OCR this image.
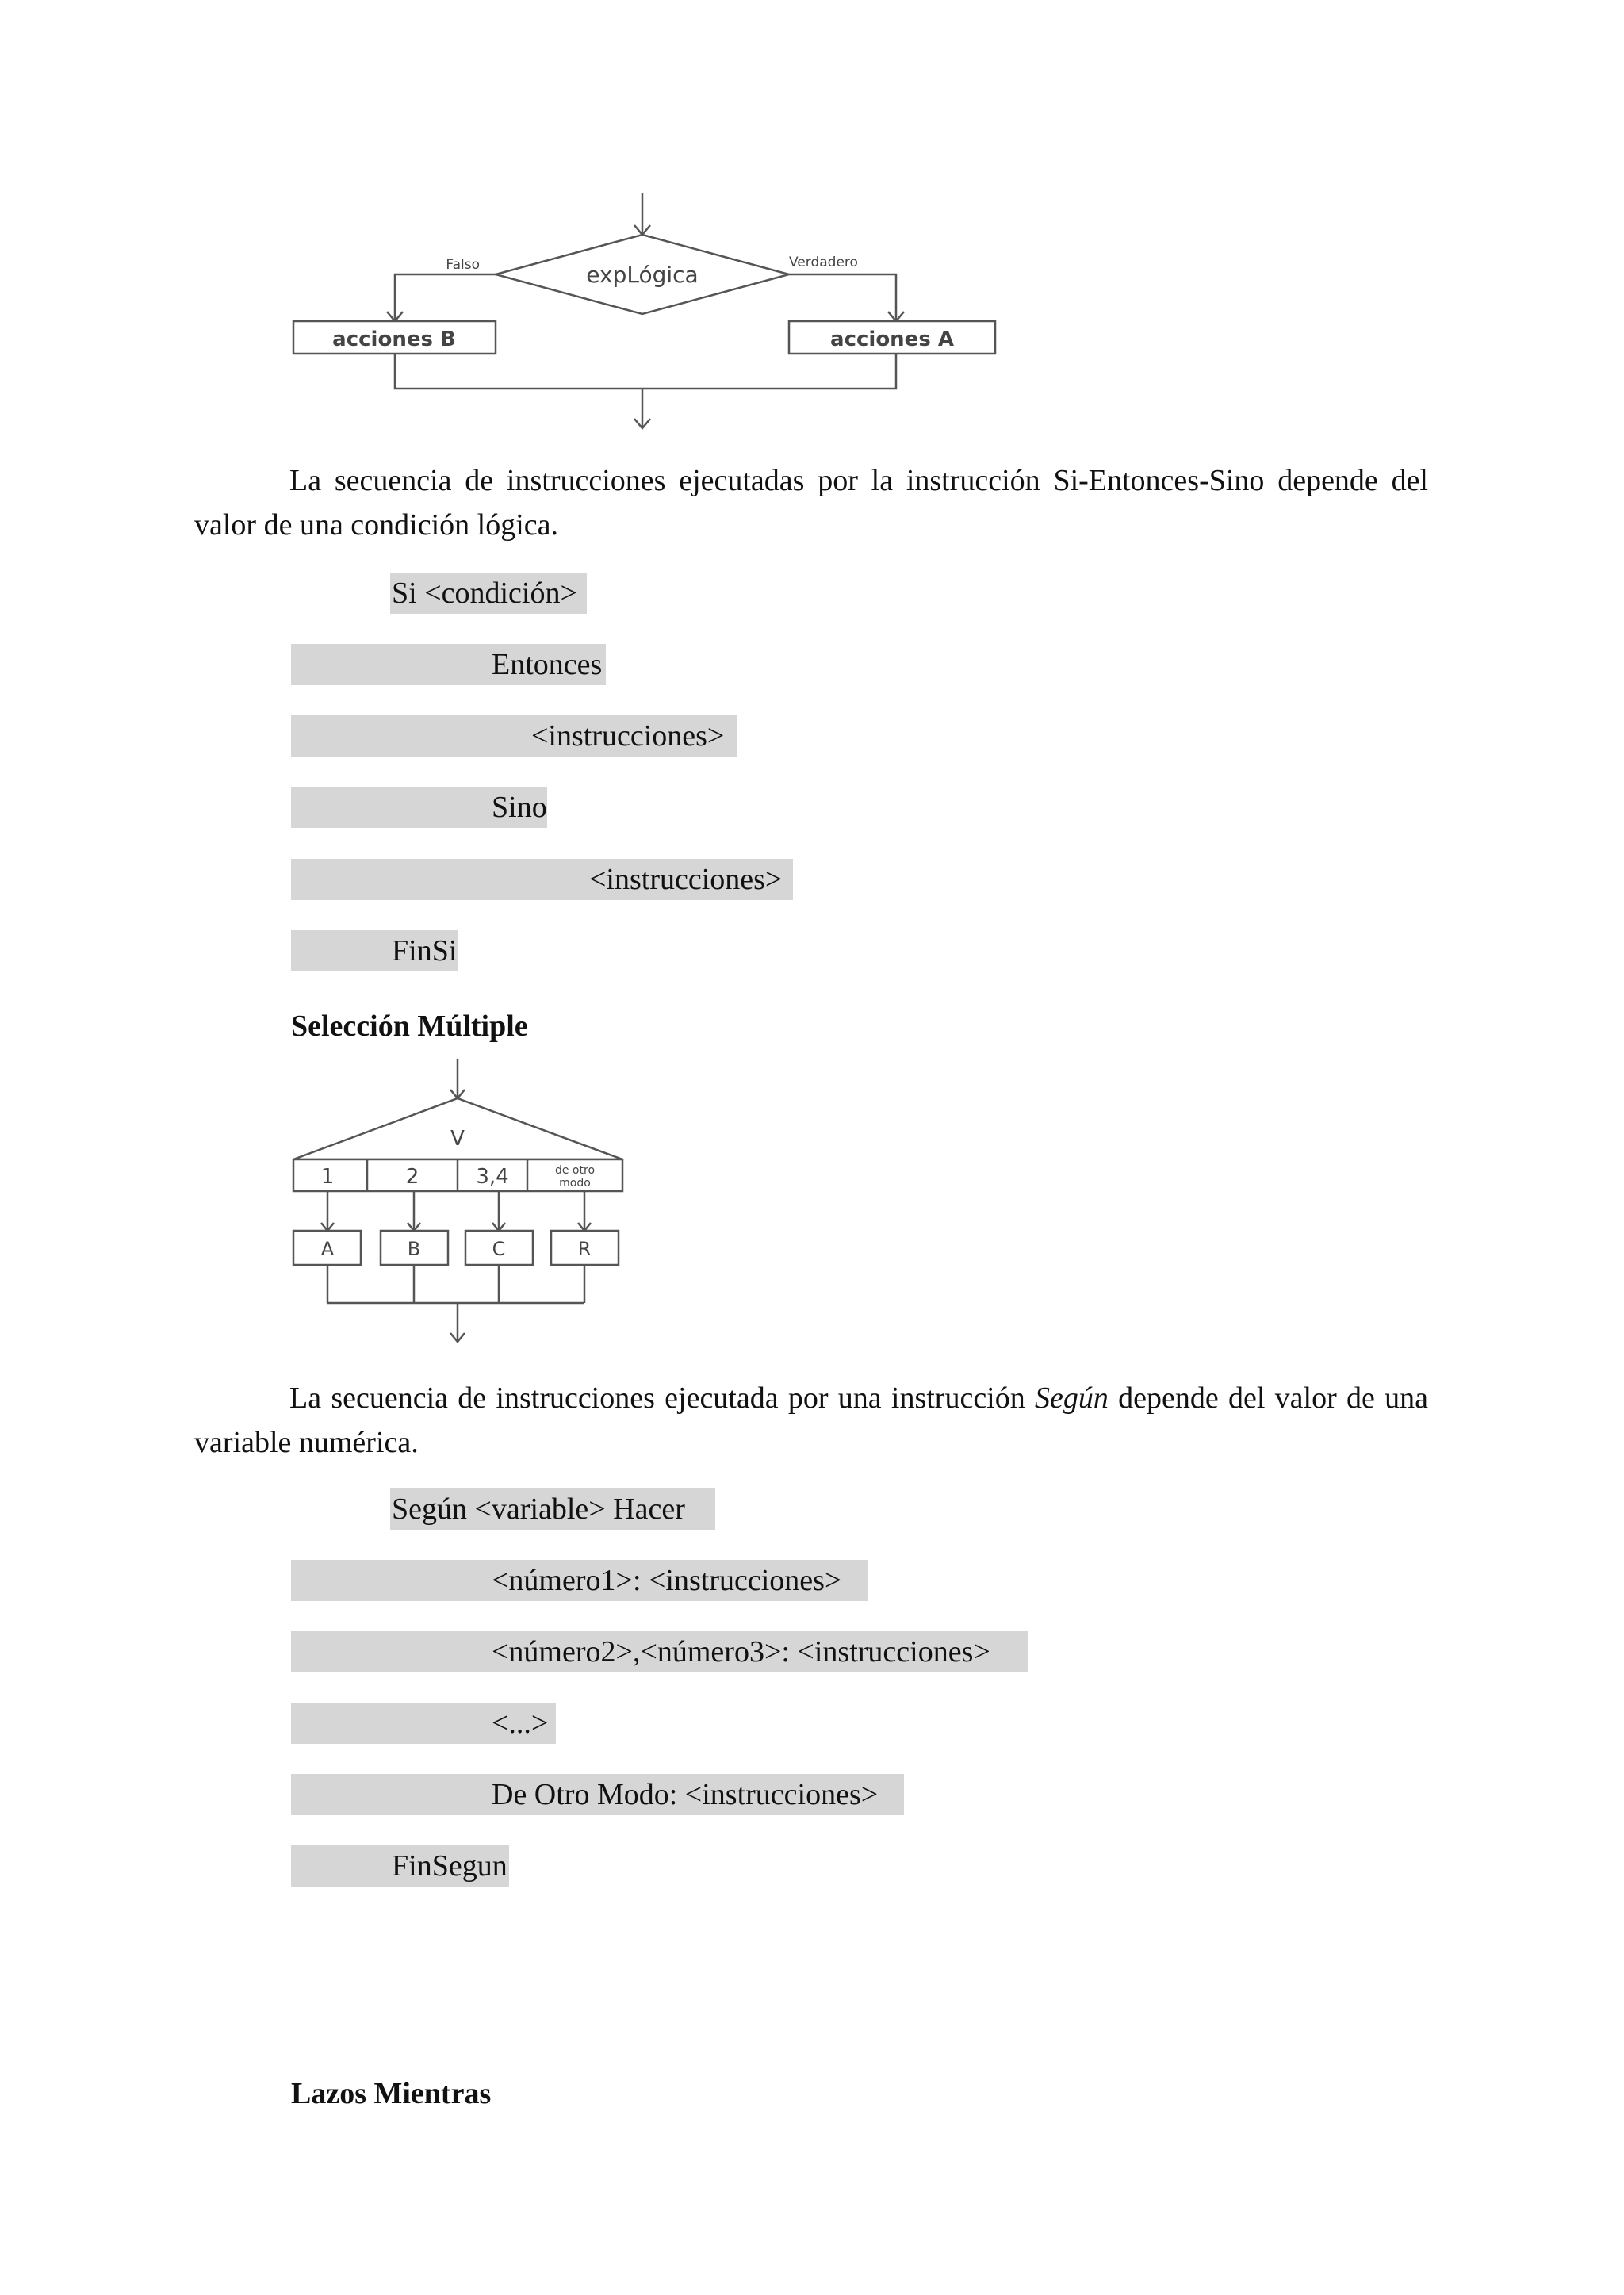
expLógica
Falso	Verdadero
acciones B	acciones A
La secuencia de instrucciones ejecutadas por la instrucción Si-Entonces-Sino depende del valor de una condición lógica.
Si <condición>
Entonces
<instrucciones>
Sino
<instrucciones>
FinSi
Selección Múltiple
V
1	2	3,4	de otro
modo
A	B	C	R
La secuencia de instrucciones ejecutada por una instrucción Según depende del valor de una variable numérica.
Según <variable> Hacer
<número1>: <instrucciones>
<número2>,<número3>: <instrucciones>
<...>
De Otro Modo: <instrucciones>
FinSegun
Lazos Mientras
